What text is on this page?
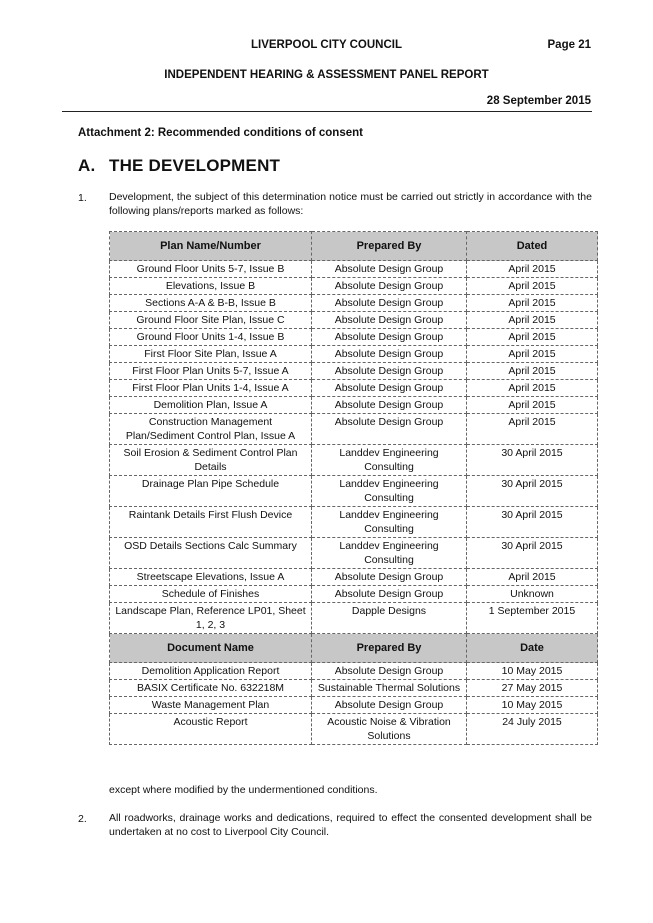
LIVERPOOL CITY COUNCIL	Page 21
INDEPENDENT HEARING & ASSESSMENT PANEL REPORT
28 September 2015
Attachment 2: Recommended conditions of consent
A. THE DEVELOPMENT
1. Development, the subject of this determination notice must be carried out strictly in accordance with the following plans/reports marked as follows:
Plan Name/Number	Prepared By	Dated
Ground Floor Units 5-7, Issue B	Absolute Design Group	April 2015
Elevations, Issue B	Absolute Design Group	April 2015
Sections A-A & B-B, Issue B	Absolute Design Group	April 2015
Ground Floor Site Plan, Issue C	Absolute Design Group	April 2015
Ground Floor Units 1-4, Issue B	Absolute Design Group	April 2015
First Floor Site Plan, Issue A	Absolute Design Group	April 2015
First Floor Plan Units 5-7, Issue A	Absolute Design Group	April 2015
First Floor Plan Units 1-4, Issue A	Absolute Design Group	April 2015
Demolition Plan, Issue A	Absolute Design Group	April 2015
Construction Management Plan/Sediment Control Plan, Issue A	Absolute Design Group	April 2015
Soil Erosion & Sediment Control Plan Details	Landdev Engineering Consulting	30 April 2015
Drainage Plan Pipe Schedule	Landdev Engineering Consulting	30 April 2015
Raintank Details First Flush Device	Landdev Engineering Consulting	30 April 2015
OSD Details Sections Calc Summary	Landdev Engineering Consulting	30 April 2015
Streetscape Elevations, Issue A	Absolute Design Group	April 2015
Schedule of Finishes	Absolute Design Group	Unknown
Landscape Plan, Reference LP01, Sheet 1, 2, 3	Dapple Designs	1 September 2015
Document Name	Prepared By	Date
Demolition Application Report	Absolute Design Group	10 May 2015
BASIX Certificate No. 632218M	Sustainable Thermal Solutions	27 May 2015
Waste Management Plan	Absolute Design Group	10 May 2015
Acoustic Report	Acoustic Noise & Vibration Solutions	24 July 2015
except where modified by the undermentioned conditions.
2. All roadworks, drainage works and dedications, required to effect the consented development shall be undertaken at no cost to Liverpool City Council.
